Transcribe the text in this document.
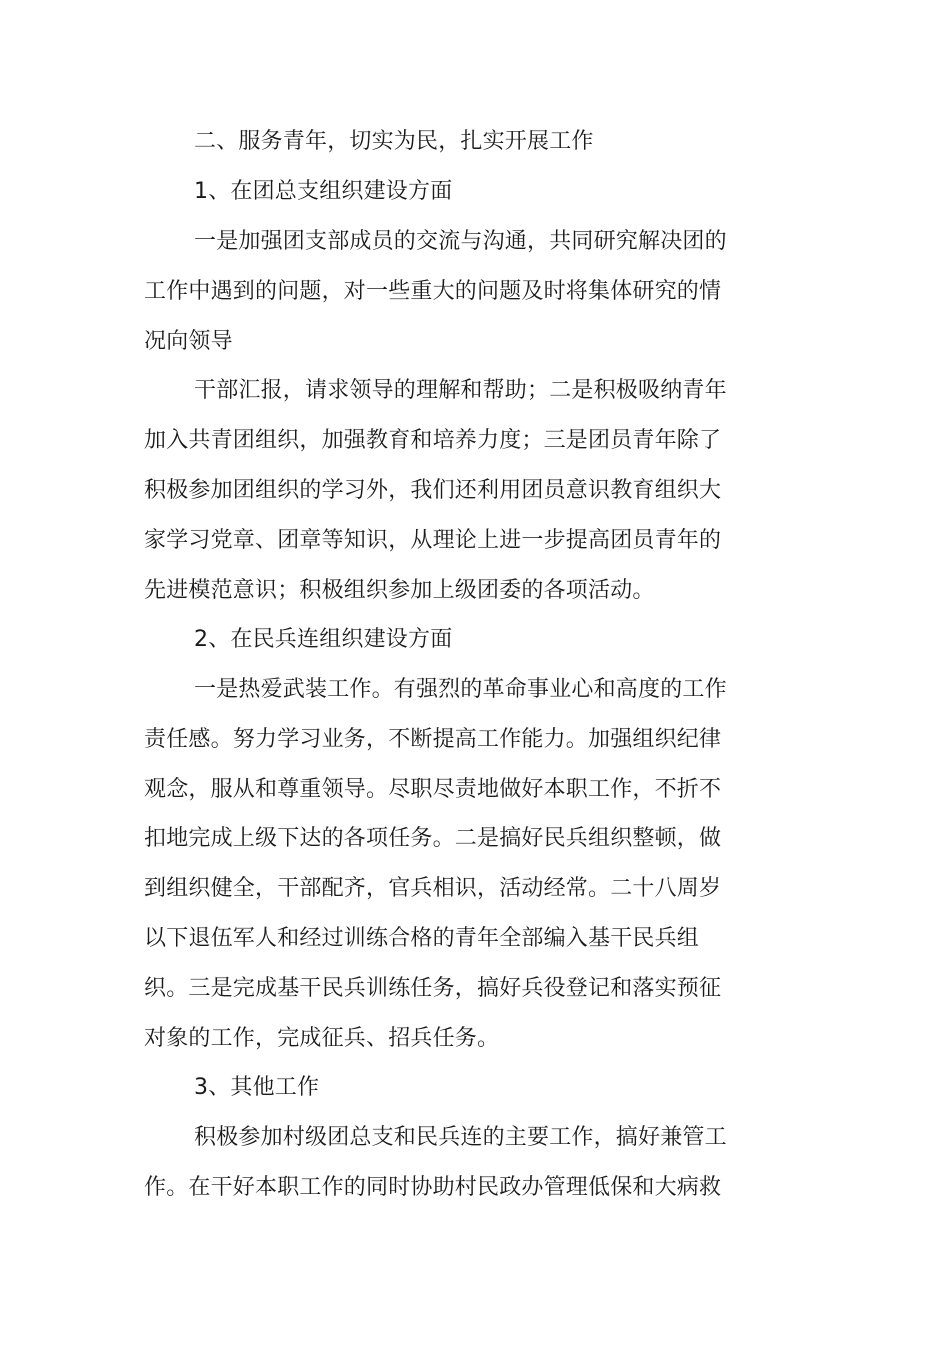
二、服务青年，切实为民，扎实开展工作
1、在团总支组织建设方面
一是加强团支部成员的交流与沟通，共同研究解决团的
工作中遇到的问题，对一些重大的问题及时将集体研究的情
况向领导
干部汇报，请求领导的理解和帮助；二是积极吸纳青年
加入共青团组织，加强教育和培养力度；三是团员青年除了
积极参加团组织的学习外，我们还利用团员意识教育组织大
家学习党章、团章等知识，从理论上进一步提高团员青年的
先进模范意识；积极组织参加上级团委的各项活动。
2、在民兵连组织建设方面
一是热爱武装工作。有强烈的革命事业心和高度的工作
责任感。努力学习业务，不断提高工作能力。加强组织纪律
观念，服从和尊重领导。尽职尽责地做好本职工作，不折不
扣地完成上级下达的各项任务。二是搞好民兵组织整顿，做
到组织健全，干部配齐，官兵相识，活动经常。二十八周岁
以下退伍军人和经过训练合格的青年全部编入基干民兵组
织。三是完成基干民兵训练任务，搞好兵役登记和落实预征
对象的工作，完成征兵、招兵任务。
3、其他工作
积极参加村级团总支和民兵连的主要工作，搞好兼管工
作。在干好本职工作的同时协助村民政办管理低保和大病救
